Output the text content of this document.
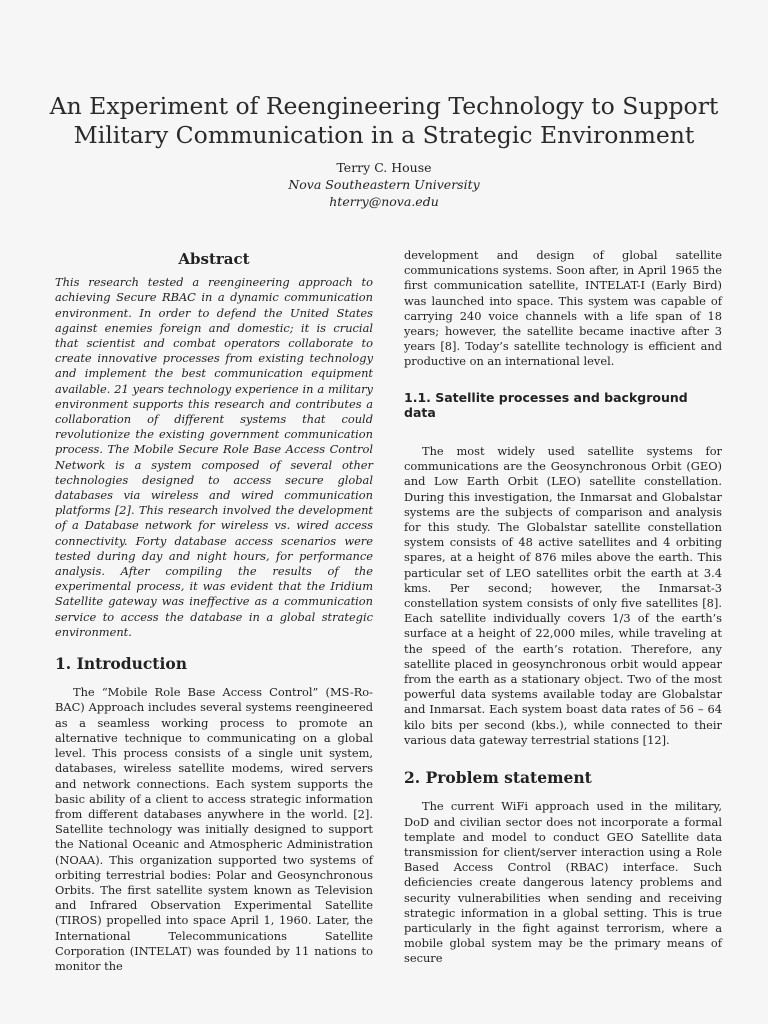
An Experiment of Reengineering Technology to Support Military Communication in a Strategic Environment
Terry C. House
Nova Southeastern University
hterry@nova.edu
Abstract

This research tested a reengineering approach to achieving Secure RBAC in a dynamic communication environment. In order to defend the United States against enemies foreign and domestic; it is crucial that scientist and combat operators collaborate to create innovative processes from existing technology and implement the best communication equipment available. 21 years technology experience in a military environment supports this research and contributes a collaboration of different systems that could revolutionize the existing government communication process. The Mobile Secure Role Base Access Control Network is a system composed of several other technologies designed to access secure global databases via wireless and wired communication platforms [2]. This research involved the development of a Database network for wireless vs. wired access connectivity. Forty database access scenarios were tested during day and night hours, for performance analysis. After compiling the results of the experimental process, it was evident that the Iridium Satellite gateway was ineffective as a communication service to access the database in a global strategic environment.

1. Introduction

The “Mobile Role Base Access Control” (MS-Ro-BAC) Approach includes several systems reengineered as a seamless working process to promote an alternative technique to communicating on a global level. This process consists of a single unit system, databases, wireless satellite modems, wired servers and network connections. Each system supports the basic ability of a client to access strategic information from different databases anywhere in the world. [2]. Satellite technology was initially designed to support the National Oceanic and Atmospheric Administration (NOAA). This organization supported two systems of orbiting terrestrial bodies: Polar and Geosynchronous Orbits. The first satellite system known as Television and Infrared Observation Experimental Satellite (TIROS) propelled into space April 1, 1960. Later, the International Telecommunications Satellite Corporation (INTELAT) was founded by 11 nations to monitor the

development and design of global satellite communications systems. Soon after, in April 1965 the first communication satellite, INTELAT-I (Early Bird) was launched into space. This system was capable of carrying 240 voice channels with a life span of 18 years; however, the satellite became inactive after 3 years [8]. Today’s satellite technology is efficient and productive on an international level.

1.1. Satellite processes and background data

The most widely used satellite systems for communications are the Geosynchronous Orbit (GEO) and Low Earth Orbit (LEO) satellite constellation. During this investigation, the Inmarsat and Globalstar systems are the subjects of comparison and analysis for this study. The Globalstar satellite constellation system consists of 48 active satellites and 4 orbiting spares, at a height of 876 miles above the earth. This particular set of LEO satellites orbit the earth at 3.4 kms. Per second; however, the Inmarsat-3 constellation system consists of only five satellites [8]. Each satellite individually covers 1/3 of the earth’s surface at a height of 22,000 miles, while traveling at the speed of the earth’s rotation. Therefore, any satellite placed in geosynchronous orbit would appear from the earth as a stationary object. Two of the most powerful data systems available today are Globalstar and Inmarsat. Each system boast data rates of 56 – 64 kilo bits per second (kbs.), while connected to their various data gateway terrestrial stations [12].

2. Problem statement

The current WiFi approach used in the military, DoD and civilian sector does not incorporate a formal template and model to conduct GEO Satellite data transmission for client/server interaction using a Role Based Access Control (RBAC) interface. Such deficiencies create dangerous latency problems and security vulnerabilities when sending and receiving strategic information in a global setting. This is true particularly in the fight against terrorism, where a mobile global system may be the primary means of secure
